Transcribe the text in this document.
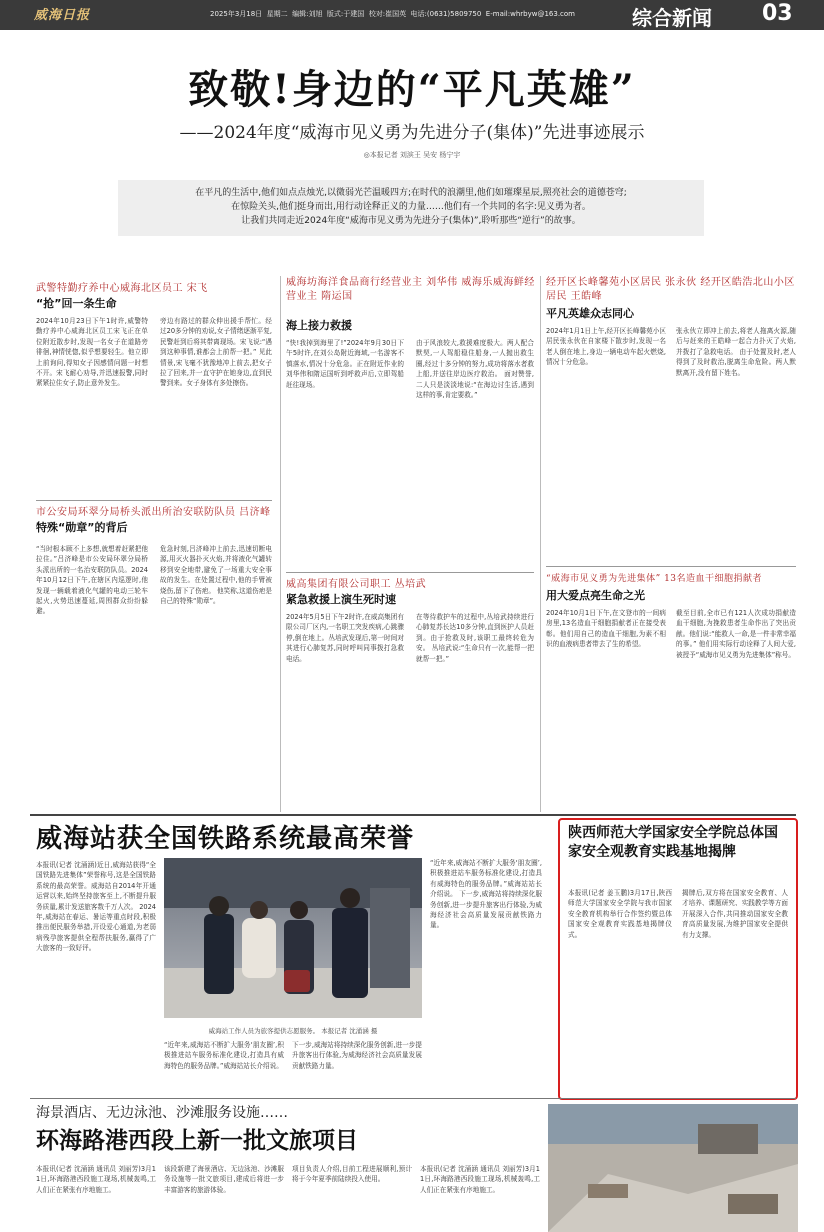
威海日报	2025年3月18日 星期二 编辑:刘旭 版式:于建国 校对:崔国英 电话:(0631)5809750 E-mail:whrbyw@163.com	综合新闻 03
致敬!身边的“平凡英雄”
——2024年度“威海市见义勇为先进分子(集体)”先进事迹展示
◎本报记者 刘滨王 吴安 杨宁宇
在平凡的生活中,他们如点点烛光,以微弱光芒温暖四方;在时代的浪潮里,他们如璀璨星辰,照亮社会的道德苍穹;
在惊险关头,他们挺身而出,用行动诠释正义的力量……他们有一个共同的名字:见义勇为者。
让我们共同走近2024年度“威海市见义勇为先进分子(集体)”,聆听那些“逆行”的故事。
武警特勤疗养中心威海北区员工 宋飞
“抢”回一条生命
2024年10月23日下午1时许,威警特勤疗养中心威海北区员工宋飞正在单位附近散步时,发现一名女子在道路旁徘徊,神情恍惚,似乎想要轻生。他立即上前询问,得知女子因感情问题一时想不开。宋飞耐心劝导,并迅速报警,同时紧紧拉住女子,防止意外发生。
旁边有路过的群众伸出援手帮忙。经过20多分钟的劝说,女子情绪逐渐平复,民警赶到后将其带离现场。宋飞说:“遇到这种事情,谁都会上前帮一把。” 见此情景,宋飞毫不犹豫地冲上前去,把女子拉了回来,并一直守护在她身边,直到民警到来。女子身体有多处擦伤。
市公安局环翠分局桥头派出所治安联防队员 吕济峰
特殊“勋章”的背后
“当时根本顾不上多想,就想着赶紧把他拉住。”吕济峰是市公安局环翠分局桥头派出所的一名治安联防队员。2024年10月12日下午,在辖区内巡逻时,他发现一辆载着液化气罐的电动三轮车起火,火势迅速蔓延,周围群众纷纷躲避。
危急时刻,吕济峰冲上前去,迅速切断电源,用灭火器扑灭火焰,并将液化气罐转移到安全地带,避免了一场重大安全事故的发生。在处置过程中,他的手臂被烧伤,留下了伤疤。 他笑称,这道伤疤是自己的特殊“勋章”。
威海坊海洋食品商行经营业主 刘华伟 威海乐威海鲜经营业主 隋运国
海上接力救援
“快!我掉到海里了!”2024年9月30日下午5时许,在刘公岛附近海域,一名游客不慎落水,情况十分危急。正在附近作业的刘华伟和隋运国听到呼救声后,立即驾船赶往现场。
由于风浪较大,救援难度极大。两人配合默契,一人驾船稳住船身,一人抛出救生圈,经过十多分钟的努力,成功将落水者救上船,并送往岸边医疗救治。 面对赞誉,二人只是淡淡地说:“在海边讨生活,遇到这样的事,肯定要救。”
威高集团有限公司职工 丛培武
紧急救援上演生死时速
2024年5月5日下午2时许,在威高集团有限公司厂区内,一名职工突发疾病,心跳骤停,倒在地上。丛培武发现后,第一时间对其进行心肺复苏,同时呼叫同事拨打急救电话。
在等待救护车的过程中,丛培武持续进行心肺复苏长达10多分钟,直到医护人员赶到。由于抢救及时,该职工最终转危为安。 丛培武说:“生命只有一次,能帮一把就帮一把。”
经开区长峰馨苑小区居民 张永伙 经开区皓浩北山小区居民 王皓峰
平凡英雄众志同心
2024年1月1日上午,经开区长峰馨苑小区居民张永伙在自家楼下散步时,发现一名老人倒在地上,身边一辆电动车起火燃烧,情况十分危急。
张永伙立即冲上前去,将老人拖离火源,随后与赶来的王皓峰一起合力扑灭了火焰,并拨打了急救电话。 由于处置及时,老人得到了及时救治,脱离生命危险。两人默默离开,没有留下姓名。
“威海市见义勇为先进集体” 13名造血干细胞捐献者
用大爱点亮生命之光
2024年10月1日下午,在文登市的一间病房里,13名造血干细胞捐献者正在接受表彰。他们用自己的造血干细胞,为素不相识的血液病患者带去了生的希望。
截至目前,全市已有121人次成功捐献造血干细胞,为挽救患者生命作出了突出贡献。他们说:“能救人一命,是一件非常幸福的事。” 他们用实际行动诠释了人间大爱,被授予“威海市见义勇为先进集体”称号。
威海站获全国铁路系统最高荣誉
本报讯(记者 沈涌涵)近日,威海站获得“全国铁路先进集体”荣誉称号,这是全国铁路系统的最高荣誉。威海站自2014年开通运营以来,始终坚持旅客至上,不断提升服务质量,累计发送旅客数千万人次。 2024年,威海站在春运、暑运等重点时段,积极推出便民服务举措,开设爱心通道,为老弱病残孕旅客提供全程帮扶服务,赢得了广大旅客的一致好评。
威海站工作人员为旅客提供志愿服务。 本报记者 沈涌涵 摄
“近年来,威海站不断扩大服务‘朋友圈’,积极推进站车服务标准化建设,打造具有威海特色的服务品牌。”威海站站长介绍说。
下一步,威海站将持续深化服务创新,进一步提升旅客出行体验,为威海经济社会高质量发展贡献铁路力量。
“近年来,威海站不断扩大服务‘朋友圈’,积极推进站车服务标准化建设,打造具有威海特色的服务品牌。”威海站站长介绍说。 下一步,威海站将持续深化服务创新,进一步提升旅客出行体验,为威海经济社会高质量发展贡献铁路力量。
陕西师范大学国家安全学院总体国家安全观教育实践基地揭牌
本报讯(记者 姜玉鹏)3月17日,陕西师范大学国家安全学院与我市国家安全教育机构举行合作签约暨总体国家安全观教育实践基地揭牌仪式。
揭牌后,双方将在国家安全教育、人才培养、课题研究、实践教学等方面开展深入合作,共同推动国家安全教育高质量发展,为维护国家安全提供有力支撑。
海景酒店、无边泳池、沙滩服务设施……
环海路港西段上新一批文旅项目
本报讯(记者 沈涌涵 通讯员 刘丽芳)3月11日,环海路港西段施工现场,机械轰鸣,工人们正在紧张有序地施工。
该段新建了海景酒店、无边泳池、沙滩服务设施等一批文旅项目,建成后将进一步丰富游客的旅游体验。
项目负责人介绍,目前工程进展顺利,预计将于今年夏季前陆续投入使用。
本报讯(记者 沈涌涵 通讯员 刘丽芳)3月11日,环海路港西段施工现场,机械轰鸣,工人们正在紧张有序地施工。
